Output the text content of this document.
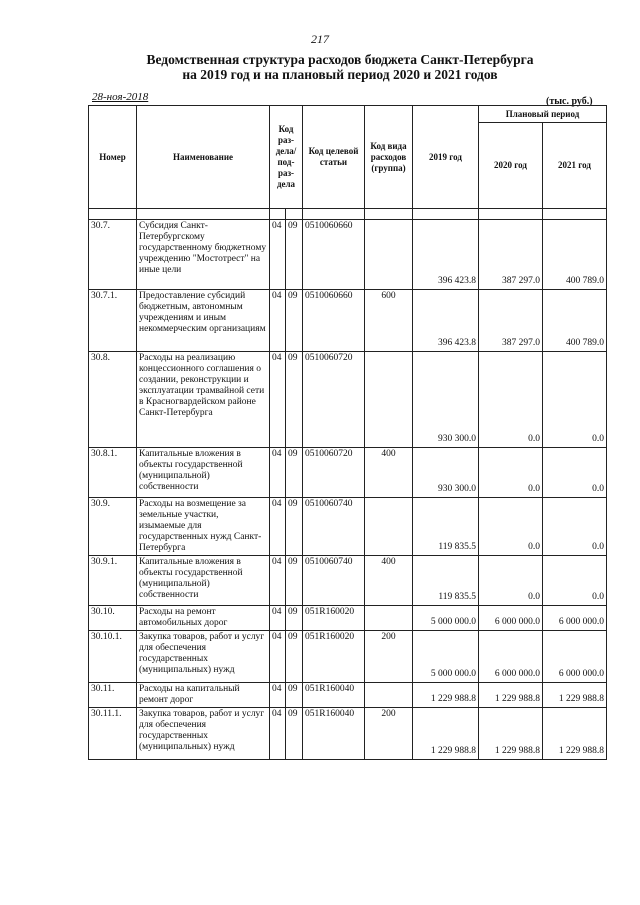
217
Ведомственная структура расходов бюджета Санкт-Петербурга
на 2019 год и на плановый период 2020 и 2021 годов
28-ноя-2018	(тыс. руб.)
Номер	Наименование	Код раз-дела/ под-раз-дела		Код целевой статьи	Код вида расходов (группа)	2019 год	Плановый период	
							2020 год	2021 год

30.7.	Субсидия Санкт-Петербургскому государственному бюджетному учреждению "Мостотрест" на иные цели	04	09	0510060660		396 423.8	387 297.0	400 789.0
30.7.1.	Предоставление субсидий бюджетным, автономным учреждениям и иным некоммерческим организациям	04	09	0510060660	600	396 423.8	387 297.0	400 789.0
30.8.	Расходы на реализацию концессионного соглашения о создании, реконструкции и эксплуатации трамвайной сети в Красногвардейском районе Санкт-Петербурга	04	09	0510060720		930 300.0	0.0	0.0
30.8.1.	Капитальные вложения в объекты государственной (муниципальной) собственности	04	09	0510060720	400	930 300.0	0.0	0.0
30.9.	Расходы на возмещение за земельные участки, изымаемые для государственных нужд Санкт-Петербурга	04	09	0510060740		119 835.5	0.0	0.0
30.9.1.	Капитальные вложения в объекты государственной (муниципальной) собственности	04	09	0510060740	400	119 835.5	0.0	0.0
30.10.	Расходы на ремонт автомобильных дорог	04	09	051R160020		5 000 000.0	6 000 000.0	6 000 000.0
30.10.1.	Закупка товаров, работ и услуг для обеспечения государственных (муниципальных) нужд	04	09	051R160020	200	5 000 000.0	6 000 000.0	6 000 000.0
30.11.	Расходы на капитальный ремонт дорог	04	09	051R160040		1 229 988.8	1 229 988.8	1 229 988.8
30.11.1.	Закупка товаров, работ и услуг для обеспечения государственных (муниципальных) нужд	04	09	051R160040	200	1 229 988.8	1 229 988.8	1 229 988.8
